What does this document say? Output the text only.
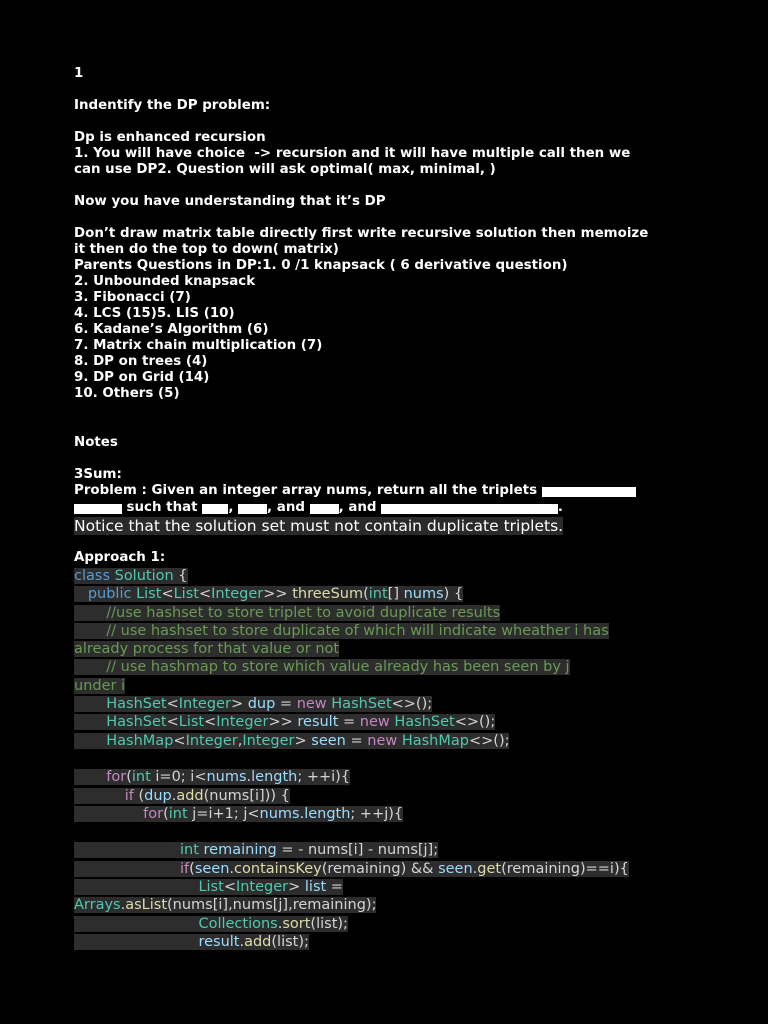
1
Indentify the DP problem:
Dp is enhanced recursion
1. You will have choice  -> recursion and it will have multiple call then we
can use DP2. Question will ask optimal( max, minimal, )
Now you have understanding that it’s DP
Don’t draw matrix table directly first write recursive solution then memoize
it then do the top to down( matrix)
Parents Questions in DP:1. 0 /1 knapsack ( 6 derivative question)
2. Unbounded knapsack
3. Fibonacci (7)
4. LCS (15)5. LIS (10)
6. Kadane’s Algorithm (6)
7. Matrix chain multiplication (7)
8. DP on trees (4)
9. DP on Grid (14)
10. Others (5)
Notes
3Sum:
Problem : Given an integer array nums, return all the triplets [nums[i], nums[j],
nums[k]] such that i != j, i != k, and j != k, and nums[i] + nums[j] + nums[k] == 0.
Notice that the solution set must not contain duplicate triplets.
Approach 1:
class Solution {
public List<List<Integer>> threeSum(int[] nums) {
//use hashset to store triplet to avoid duplicate results
// use hashset to store duplicate of which will indicate wheather i has
already process for that value or not
// use hashmap to store which value already has been seen by j
under i
HashSet<Integer> dup = new HashSet<>();
HashSet<List<Integer>> result = new HashSet<>();
HashMap<Integer,Integer> seen = new HashMap<>();
for(int i=0; i<nums.length; ++i){
if (dup.add(nums[i])) {
for(int j=i+1; j<nums.length; ++j){
int remaining = - nums[i] - nums[j];
if(seen.containsKey(remaining) && seen.get(remaining)==i){
List<Integer> list =
Arrays.asList(nums[i],nums[j],remaining);
Collections.sort(list);
result.add(list);
